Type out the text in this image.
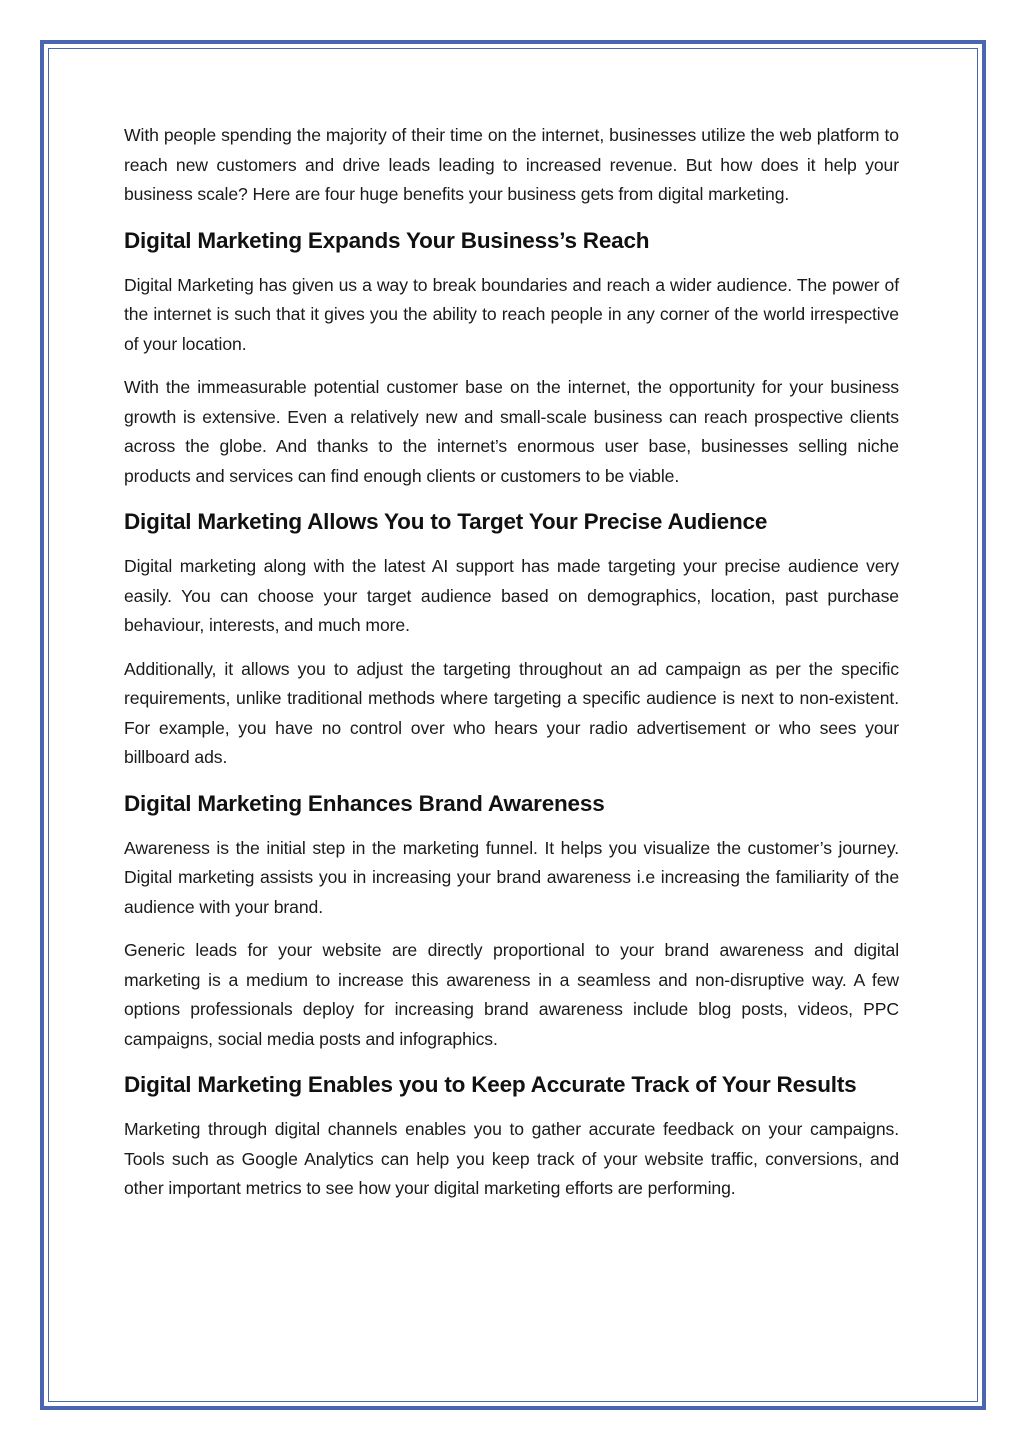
With people spending the majority of their time on the internet, businesses utilize the web platform to reach new customers and drive leads leading to increased revenue. But how does it help your business scale? Here are four huge benefits your business gets from digital marketing.

Digital Marketing Expands Your Business’s Reach

Digital Marketing has given us a way to break boundaries and reach a wider audience. The power of the internet is such that it gives you the ability to reach people in any corner of the world irrespective of your location.

With the immeasurable potential customer base on the internet, the opportunity for your business growth is extensive. Even a relatively new and small-scale business can reach prospective clients across the globe. And thanks to the internet’s enormous user base, businesses selling niche products and services can find enough clients or customers to be viable.

Digital Marketing Allows You to Target Your Precise Audience

Digital marketing along with the latest AI support has made targeting your precise audience very easily. You can choose your target audience based on demographics, location, past purchase behaviour, interests, and much more.

Additionally, it allows you to adjust the targeting throughout an ad campaign as per the specific requirements, unlike traditional methods where targeting a specific audience is next to non-existent. For example, you have no control over who hears your radio advertisement or who sees your billboard ads.

Digital Marketing Enhances Brand Awareness

Awareness is the initial step in the marketing funnel. It helps you visualize the customer’s journey. Digital marketing assists you in increasing your brand awareness i.e increasing the familiarity of the audience with your brand.

Generic leads for your website are directly proportional to your brand awareness and digital marketing is a medium to increase this awareness in a seamless and non-disruptive way. A few options professionals deploy for increasing brand awareness include blog posts, videos, PPC campaigns, social media posts and infographics.

Digital Marketing Enables you to Keep Accurate Track of Your Results

Marketing through digital channels enables you to gather accurate feedback on your campaigns. Tools such as Google Analytics can help you keep track of your website traffic, conversions, and other important metrics to see how your digital marketing efforts are performing.
